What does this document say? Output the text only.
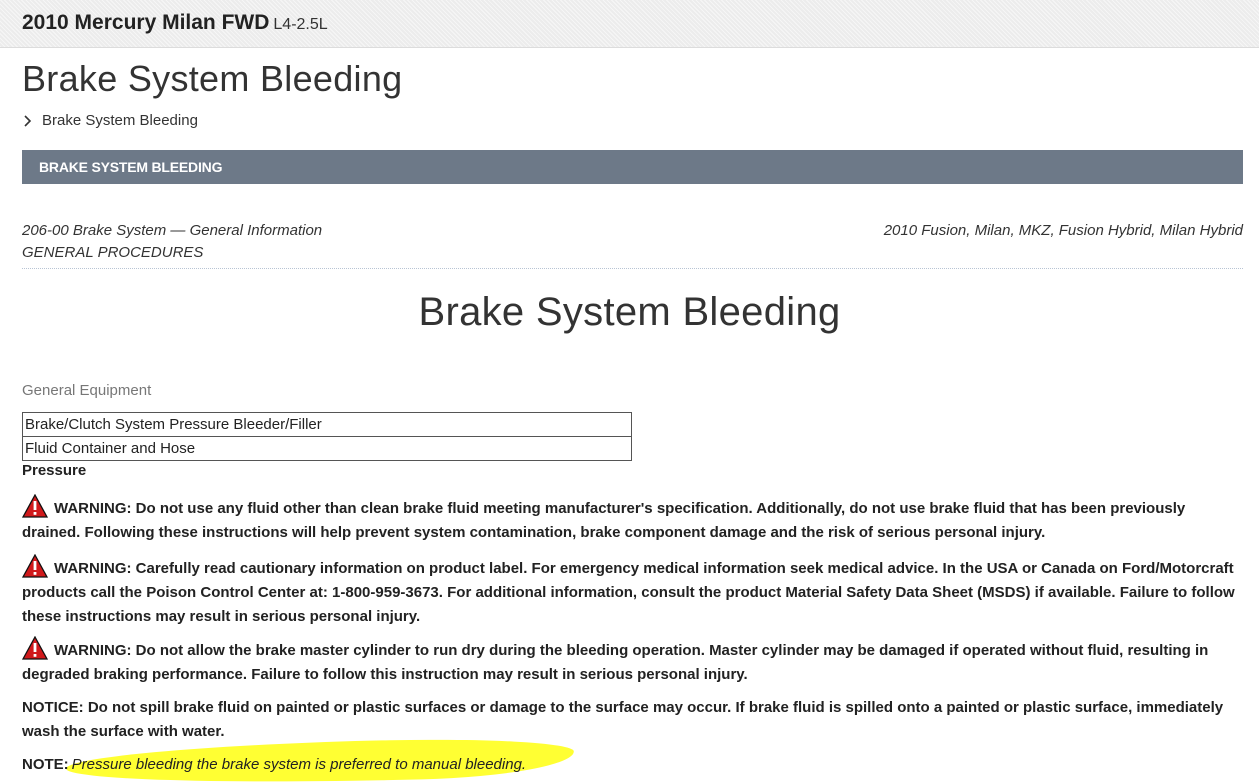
2010 Mercury Milan FWD L4-2.5L
Brake System Bleeding
Brake System Bleeding
BRAKE SYSTEM BLEEDING
206-00 Brake System — General Information
GENERAL PROCEDURES
2010 Fusion, Milan, MKZ, Fusion Hybrid, Milan Hybrid
Brake System Bleeding
General Equipment
Brake/Clutch System Pressure Bleeder/Filler
Fluid Container and Hose
Pressure
WARNING: Do not use any fluid other than clean brake fluid meeting manufacturer's specification. Additionally, do not use brake fluid that has been previously drained. Following these instructions will help prevent system contamination, brake component damage and the risk of serious personal injury.
WARNING: Carefully read cautionary information on product label. For emergency medical information seek medical advice. In the USA or Canada on Ford/Motorcraft products call the Poison Control Center at: 1-800-959-3673. For additional information, consult the product Material Safety Data Sheet (MSDS) if available. Failure to follow these instructions may result in serious personal injury.
WARNING: Do not allow the brake master cylinder to run dry during the bleeding operation. Master cylinder may be damaged if operated without fluid, resulting in degraded braking performance. Failure to follow this instruction may result in serious personal injury.
NOTICE: Do not spill brake fluid on painted or plastic surfaces or damage to the surface may occur. If brake fluid is spilled onto a painted or plastic surface, immediately wash the surface with water.
NOTE: Pressure bleeding the brake system is preferred to manual bleeding.
